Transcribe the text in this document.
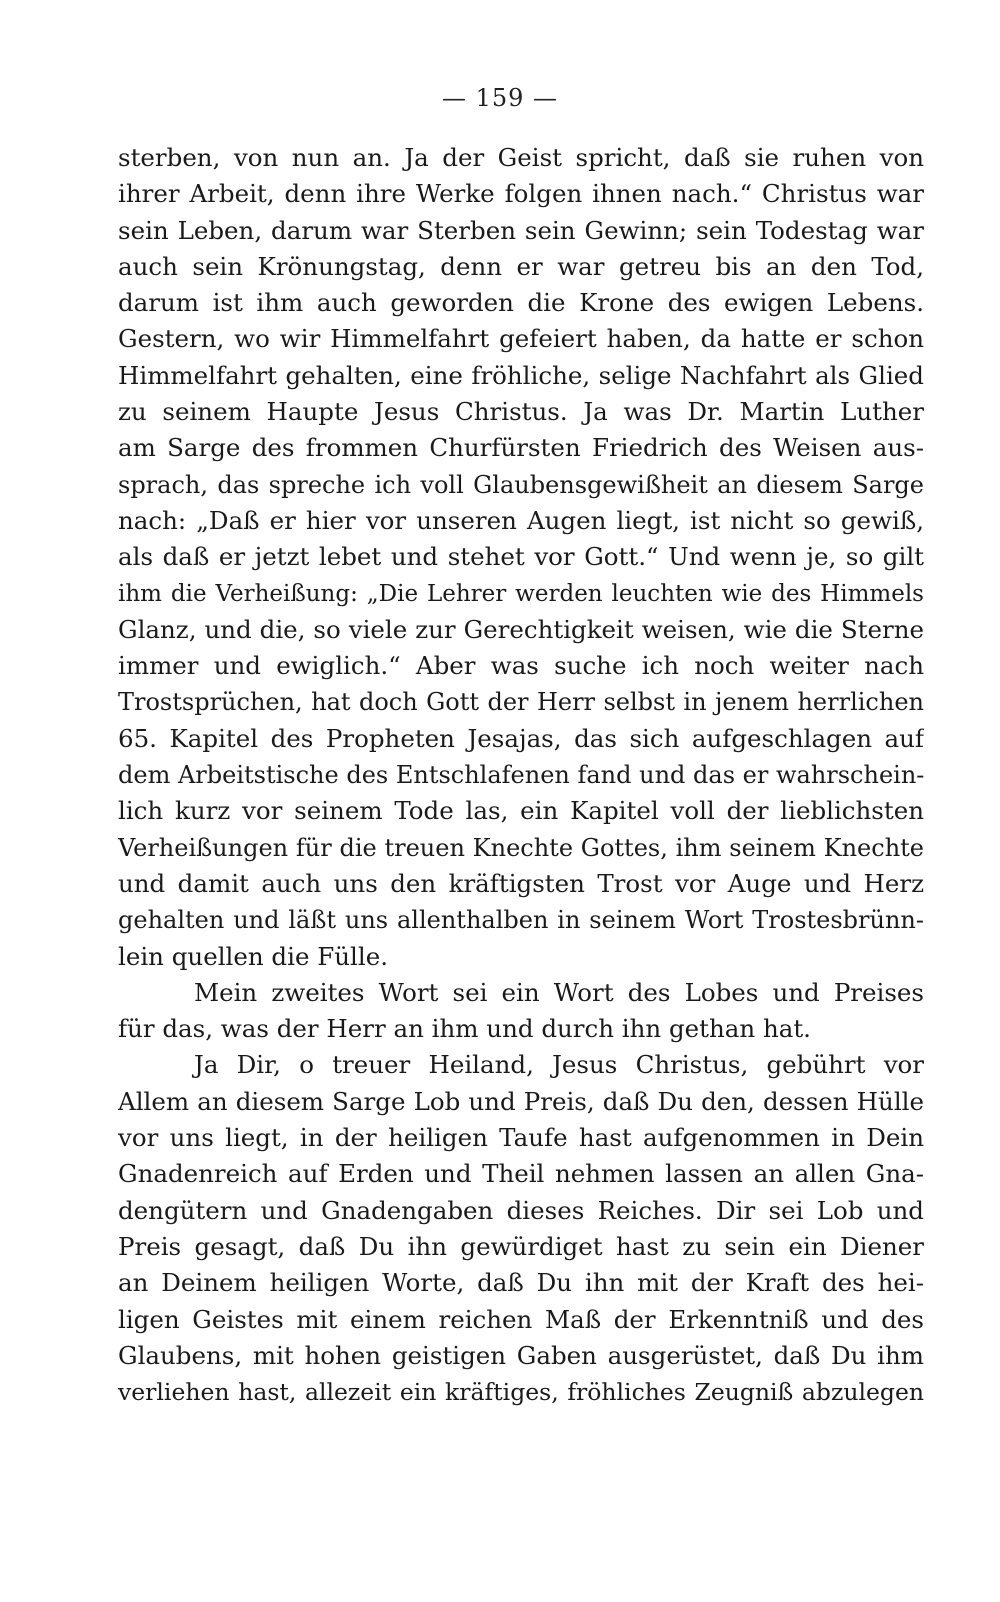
— 159 —
sterben, von nun an. Ja der Geist spricht, daß sie ruhen von
ihrer Arbeit, denn ihre Werke folgen ihnen nach.“ Christus war
sein Leben, darum war Sterben sein Gewinn; sein Todestag war
auch sein Krönungstag, denn er war getreu bis an den Tod,
darum ist ihm auch geworden die Krone des ewigen Lebens.
Gestern, wo wir Himmelfahrt gefeiert haben, da hatte er schon
Himmelfahrt gehalten, eine fröhliche, selige Nachfahrt als Glied
zu seinem Haupte Jesus Christus. Ja was Dr. Martin Luther
am Sarge des frommen Churfürsten Friedrich des Weisen aus-
sprach, das spreche ich voll Glaubensgewißheit an diesem Sarge
nach: „Daß er hier vor unseren Augen liegt, ist nicht so gewiß,
als daß er jetzt lebet und stehet vor Gott.“ Und wenn je, so gilt
ihm die Verheißung: „Die Lehrer werden leuchten wie des Himmels
Glanz, und die, so viele zur Gerechtigkeit weisen, wie die Sterne
immer und ewiglich.“ Aber was suche ich noch weiter nach
Trostsprüchen, hat doch Gott der Herr selbst in jenem herrlichen
65. Kapitel des Propheten Jesajas, das sich aufgeschlagen auf
dem Arbeitstische des Entschlafenen fand und das er wahrschein-
lich kurz vor seinem Tode las, ein Kapitel voll der lieblichsten
Verheißungen für die treuen Knechte Gottes, ihm seinem Knechte
und damit auch uns den kräftigsten Trost vor Auge und Herz
gehalten und läßt uns allenthalben in seinem Wort Trostesbrünn-
lein quellen die Fülle.
Mein zweites Wort sei ein Wort des Lobes und Preises
für das, was der Herr an ihm und durch ihn gethan hat.
Ja Dir, o treuer Heiland, Jesus Christus, gebührt vor
Allem an diesem Sarge Lob und Preis, daß Du den, dessen Hülle
vor uns liegt, in der heiligen Taufe hast aufgenommen in Dein
Gnadenreich auf Erden und Theil nehmen lassen an allen Gna-
dengütern und Gnadengaben dieses Reiches. Dir sei Lob und
Preis gesagt, daß Du ihn gewürdiget hast zu sein ein Diener
an Deinem heiligen Worte, daß Du ihn mit der Kraft des hei-
ligen Geistes mit einem reichen Maß der Erkenntniß und des
Glaubens, mit hohen geistigen Gaben ausgerüstet, daß Du ihm
verliehen hast, allezeit ein kräftiges, fröhliches Zeugniß abzulegen
